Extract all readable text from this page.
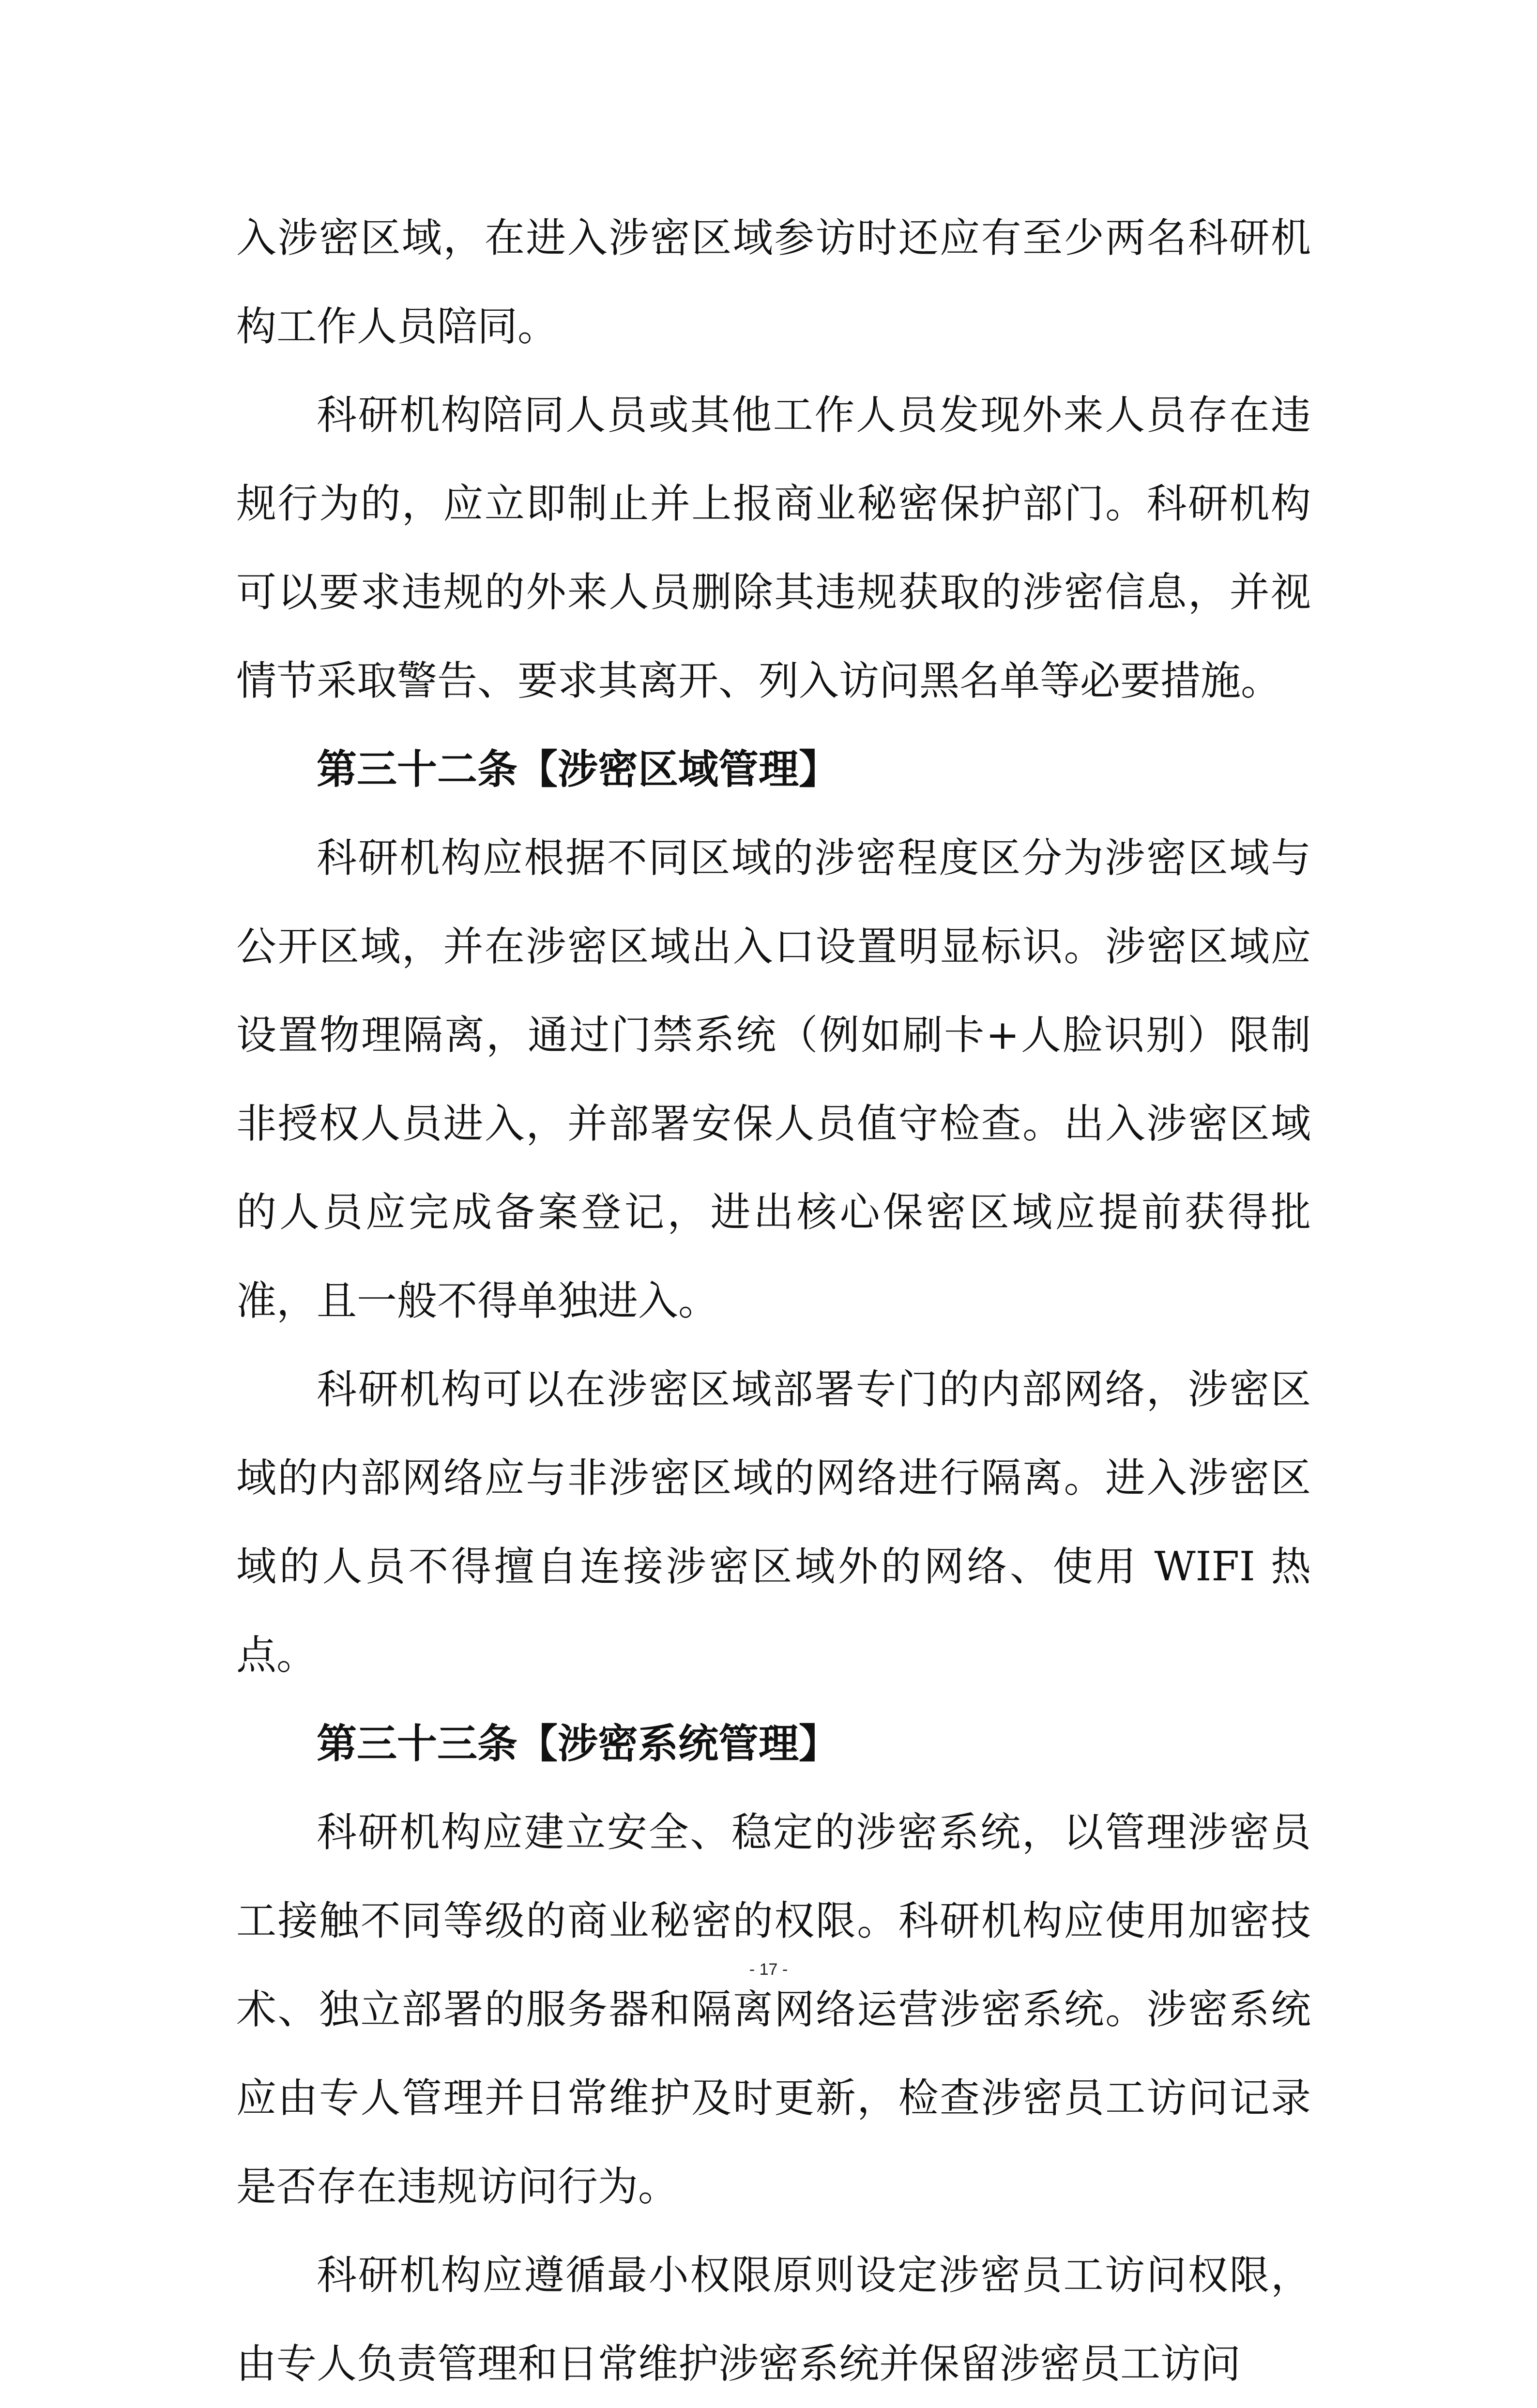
入涉密区域，在进入涉密区域参访时还应有至少两名科研机构工作人员陪同。

科研机构陪同人员或其他工作人员发现外来人员存在违规行为的，应立即制止并上报商业秘密保护部门。科研机构可以要求违规的外来人员删除其违规获取的涉密信息，并视情节采取警告、要求其离开、列入访问黑名单等必要措施。

第三十二条【涉密区域管理】

科研机构应根据不同区域的涉密程度区分为涉密区域与公开区域，并在涉密区域出入口设置明显标识。涉密区域应设置物理隔离，通过门禁系统（例如刷卡+人脸识别）限制非授权人员进入，并部署安保人员值守检查。出入涉密区域的人员应完成备案登记，进出核心保密区域应提前获得批准，且一般不得单独进入。

科研机构可以在涉密区域部署专门的内部网络，涉密区域的内部网络应与非涉密区域的网络进行隔离。进入涉密区域的人员不得擅自连接涉密区域外的网络、使用 WIFI 热点。

第三十三条【涉密系统管理】

科研机构应建立安全、稳定的涉密系统，以管理涉密员工接触不同等级的商业秘密的权限。科研机构应使用加密技术、独立部署的服务器和隔离网络运营涉密系统。涉密系统应由专人管理并日常维护及时更新，检查涉密员工访问记录是否存在违规访问行为。

科研机构应遵循最小权限原则设定涉密员工访问权限，由专人负责管理和日常维护涉密系统并保留涉密员工访问

- 17 -
